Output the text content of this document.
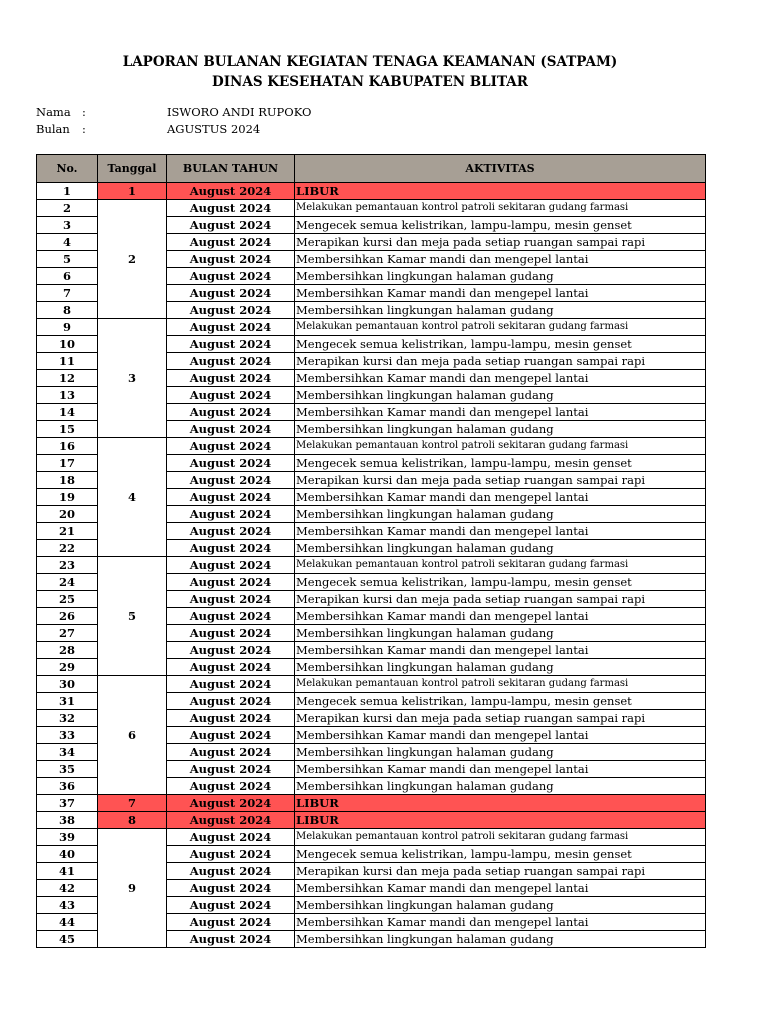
LAPORAN BULANAN KEGIATAN TENAGA KEAMANAN (SATPAM)
DINAS KESEHATAN KABUPATEN BLITAR
Nama :	ISWORO ANDI RUPOKO
Bulan :	AGUSTUS 2024
No.	Tanggal	BULAN TAHUN	AKTIVITAS
1	1	August 2024	LIBUR
2	2	August 2024	Melakukan pemantauan kontrol patroli sekitaran gudang farmasi
3		August 2024	Mengecek semua kelistrikan, lampu-lampu, mesin genset
4		August 2024	Merapikan kursi dan meja pada setiap ruangan sampai rapi
5		August 2024	Membersihkan Kamar mandi dan mengepel lantai
6		August 2024	Membersihkan lingkungan halaman gudang
7		August 2024	Membersihkan Kamar mandi dan mengepel lantai
8		August 2024	Membersihkan lingkungan halaman gudang
9	3	August 2024	Melakukan pemantauan kontrol patroli sekitaran gudang farmasi
10		August 2024	Mengecek semua kelistrikan, lampu-lampu, mesin genset
11		August 2024	Merapikan kursi dan meja pada setiap ruangan sampai rapi
12		August 2024	Membersihkan Kamar mandi dan mengepel lantai
13		August 2024	Membersihkan lingkungan halaman gudang
14		August 2024	Membersihkan Kamar mandi dan mengepel lantai
15		August 2024	Membersihkan lingkungan halaman gudang
16	4	August 2024	Melakukan pemantauan kontrol patroli sekitaran gudang farmasi
17		August 2024	Mengecek semua kelistrikan, lampu-lampu, mesin genset
18		August 2024	Merapikan kursi dan meja pada setiap ruangan sampai rapi
19		August 2024	Membersihkan Kamar mandi dan mengepel lantai
20		August 2024	Membersihkan lingkungan halaman gudang
21		August 2024	Membersihkan Kamar mandi dan mengepel lantai
22		August 2024	Membersihkan lingkungan halaman gudang
23	5	August 2024	Melakukan pemantauan kontrol patroli sekitaran gudang farmasi
24		August 2024	Mengecek semua kelistrikan, lampu-lampu, mesin genset
25		August 2024	Merapikan kursi dan meja pada setiap ruangan sampai rapi
26		August 2024	Membersihkan Kamar mandi dan mengepel lantai
27		August 2024	Membersihkan lingkungan halaman gudang
28		August 2024	Membersihkan Kamar mandi dan mengepel lantai
29		August 2024	Membersihkan lingkungan halaman gudang
30	6	August 2024	Melakukan pemantauan kontrol patroli sekitaran gudang farmasi
31		August 2024	Mengecek semua kelistrikan, lampu-lampu, mesin genset
32		August 2024	Merapikan kursi dan meja pada setiap ruangan sampai rapi
33		August 2024	Membersihkan Kamar mandi dan mengepel lantai
34		August 2024	Membersihkan lingkungan halaman gudang
35		August 2024	Membersihkan Kamar mandi dan mengepel lantai
36		August 2024	Membersihkan lingkungan halaman gudang
37	7	August 2024	LIBUR
38	8	August 2024	LIBUR
39	9	August 2024	Melakukan pemantauan kontrol patroli sekitaran gudang farmasi
40		August 2024	Mengecek semua kelistrikan, lampu-lampu, mesin genset
41		August 2024	Merapikan kursi dan meja pada setiap ruangan sampai rapi
42		August 2024	Membersihkan Kamar mandi dan mengepel lantai
43		August 2024	Membersihkan lingkungan halaman gudang
44		August 2024	Membersihkan Kamar mandi dan mengepel lantai
45		August 2024	Membersihkan lingkungan halaman gudang
